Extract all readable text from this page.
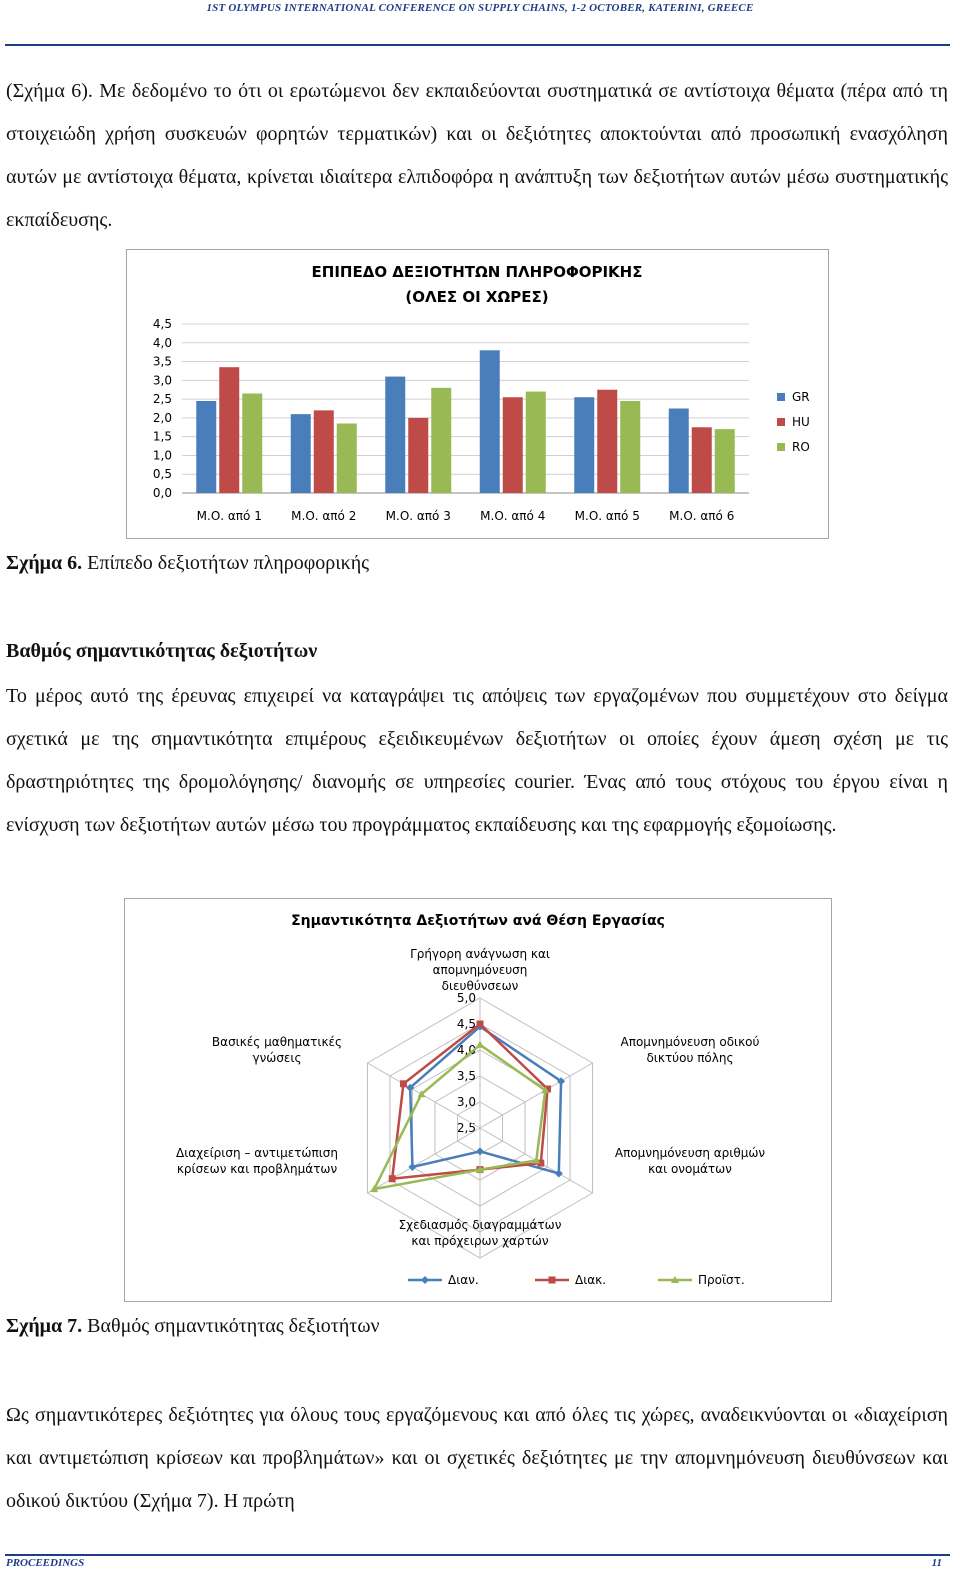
1ST OLYMPUS INTERNATIONAL CONFERENCE ON SUPPLY CHAINS, 1-2 OCTOBER, KATERINI, GREECE

(Σχήμα 6). Με δεδομένο το ότι οι ερωτώμενοι δεν εκπαιδεύονται συστηματικά σε αντίστοιχα θέματα (πέρα από τη στοιχειώδη χρήση συσκευών φορητών τερματικών) και οι δεξιότητες αποκτούνται από προσωπική ενασχόληση αυτών με αντίστοιχα θέματα, κρίνεται ιδιαίτερα ελπιδοφόρα η ανάπτυξη των δεξιοτήτων αυτών μέσω συστηματικής εκπαίδευσης.

ΕΠΙΠΕΔΟ ΔΕΞΙΟΤΗΤΩΝ ΠΛΗΡΟΦΟΡΙΚΗΣ
(ΟΛΕΣ ΟΙ ΧΩΡΕΣ)
0,0
0,5
1,0
1,5
2,0
2,5
3,0
3,5
4,0
4,5
Μ.Ο. από 1 Μ.Ο. από 2 Μ.Ο. από 3 Μ.Ο. από 4 Μ.Ο. από 5 Μ.Ο. από 6
GR
HU
RO

Σχήμα 6. Επίπεδο δεξιοτήτων πληροφορικής

Βαθμός σημαντικότητας δεξιοτήτων

Το μέρος αυτό της έρευνας επιχειρεί να καταγράψει τις απόψεις των εργαζομένων που συμμετέχουν στο δείγμα σχετικά με της σημαντικότητα επιμέρους εξειδικευμένων δεξιοτήτων οι οποίες έχουν άμεση σχέση με τις δραστηριότητες της δρομολόγησης/ διανομής σε υπηρεσίες courier. Ένας από τους στόχους του έργου είναι η ενίσχυση των δεξιοτήτων αυτών μέσω του προγράμματος εκπαίδευσης και της εφαρμογής εξομοίωσης.

Σημαντικότητα Δεξιοτήτων ανά Θέση Εργασίας
2,5
3,0
3,5
4,0
4,5
5,0
Γρήγορη ανάγνωση και
απομνημόνευση
διευθύνσεων
Απομνημόνευση οδικού
δικτύου πόλης
Απομνημόνευση αριθμών
και ονομάτων
Σχεδιασμός διαγραμμάτων
και πρόχειρων χαρτών
Διαχείριση – αντιμετώπιση
κρίσεων και προβλημάτων
Βασικές μαθηματικές
γνώσεις
Διαν.	Διακ.	Προϊστ.

Σχήμα 7. Βαθμός σημαντικότητας δεξιοτήτων

Ως σημαντικότερες δεξιότητες για όλους τους εργαζόμενους και από όλες τις χώρες, αναδεικνύονται οι «διαχείριση και αντιμετώπιση κρίσεων και προβλημάτων» και οι σχετικές δεξιότητες με την απομνημόνευση διευθύνσεων και οδικού δικτύου (Σχήμα 7). Η πρώτη

PROCEEDINGS	11
